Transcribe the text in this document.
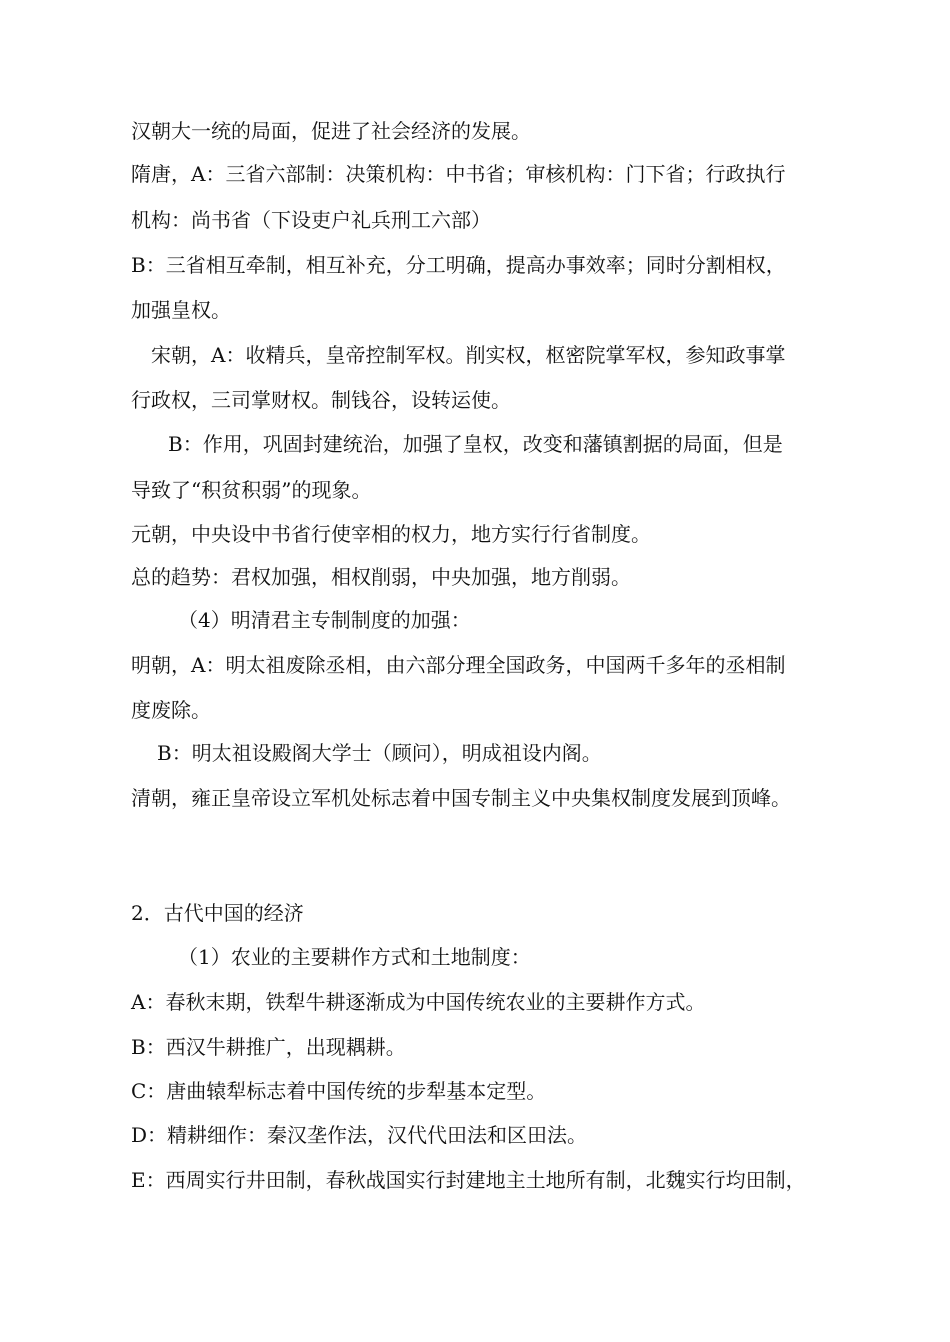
汉朝大一统的局面，促进了社会经济的发展。
隋唐，A：三省六部制：决策机构：中书省；审核机构：门下省；行政执行
机构：尚书省（下设吏户礼兵刑工六部）
B：三省相互牵制，相互补充，分工明确，提高办事效率；同时分割相权，
加强皇权。
宋朝，A：收精兵，皇帝控制军权。削实权，枢密院掌军权，参知政事掌
行政权，三司掌财权。制钱谷，设转运使。
B：作用，巩固封建统治，加强了皇权，改变和藩镇割据的局面，但是
导致了“积贫积弱”的现象。
元朝，中央设中书省行使宰相的权力，地方实行行省制度。
总的趋势：君权加强，相权削弱，中央加强，地方削弱。
（4）明清君主专制制度的加强：
明朝，A：明太祖废除丞相，由六部分理全国政务，中国两千多年的丞相制
度废除。
B：明太祖设殿阁大学士（顾问），明成祖设内阁。
清朝，雍正皇帝设立军机处标志着中国专制主义中央集权制度发展到顶峰。
2．古代中国的经济
（1）农业的主要耕作方式和土地制度：
A：春秋末期，铁犁牛耕逐渐成为中国传统农业的主要耕作方式。
B：西汉牛耕推广，出现耦耕。
C：唐曲辕犁标志着中国传统的步犁基本定型。
D：精耕细作：秦汉垄作法，汉代代田法和区田法。
E：西周实行井田制，春秋战国实行封建地主土地所有制，北魏实行均田制，
